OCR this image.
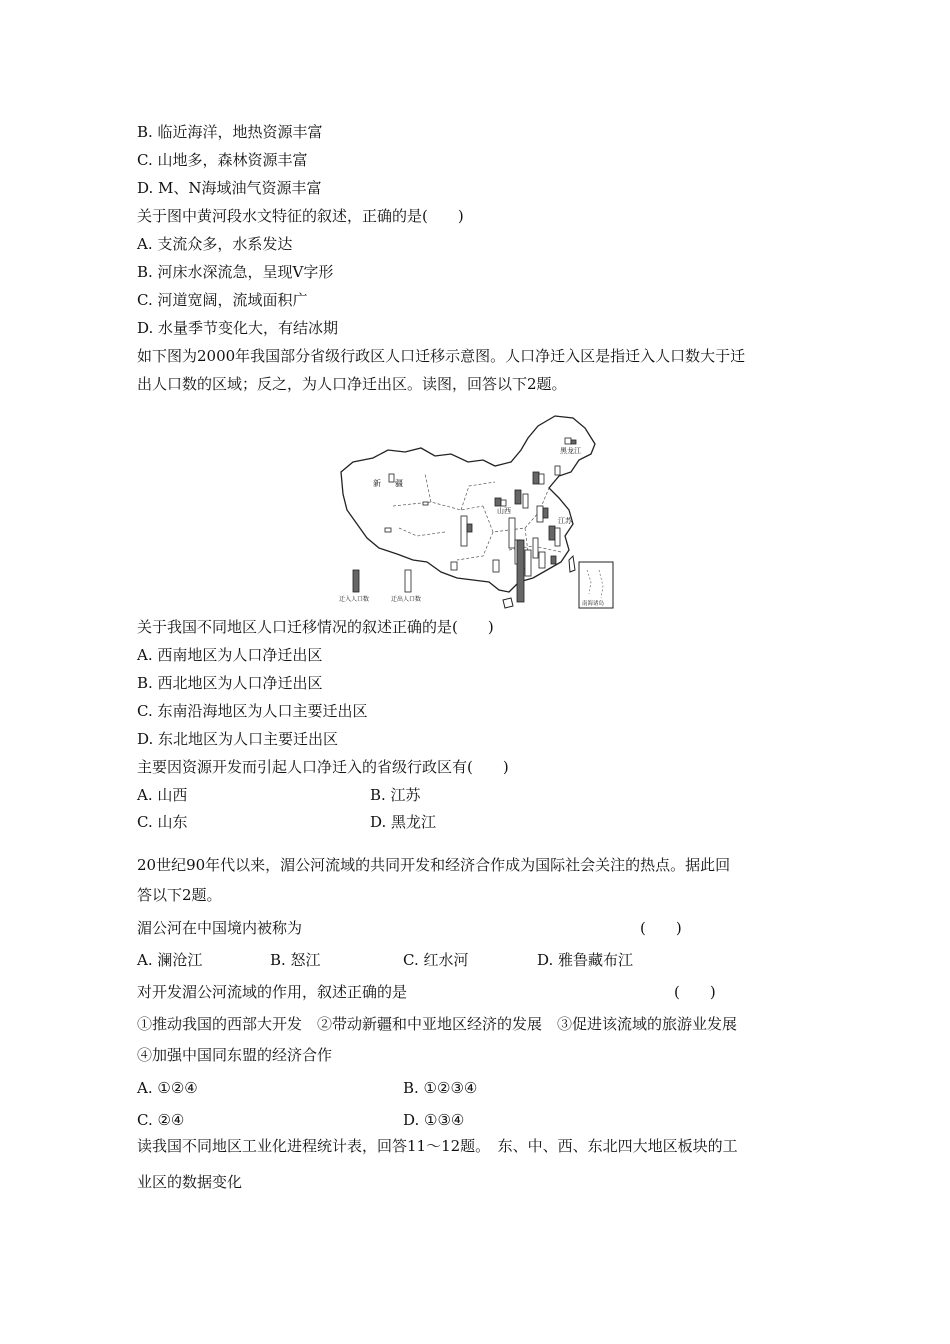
B. 临近海洋，地热资源丰富
C. 山地多，森林资源丰富
D. M、N海域油气资源丰富
关于图中黄河段水文特征的叙述，正确的是(　　)
A. 支流众多，水系发达
B. 河床水深流急，呈现V字形
C. 河道宽阔，流域面积广
D. 水量季节变化大，有结冰期
如下图为2000年我国部分省级行政区人口迁移示意图。人口净迁入区是指迁入人口数大于迁
出人口数的区域；反之，为人口净迁出区。读图，回答以下2题。
新 疆
黑龙江
山西
江苏
南海诸岛
迁入人口数	迁出人口数
关于我国不同地区人口迁移情况的叙述正确的是(　　)
A. 西南地区为人口净迁出区
B. 西北地区为人口净迁出区
C. 东南沿海地区为人口主要迁出区
D. 东北地区为人口主要迁出区
主要因资源开发而引起人口净迁入的省级行政区有(　　)
A. 山西	B. 江苏
C. 山东	D. 黑龙江
20世纪90年代以来，湄公河流域的共同开发和经济合作成为国际社会关注的热点。据此回
答以下2题。
湄公河在中国境内被称为	(　　)
A. 澜沧江	B. 怒江	C. 红水河	D. 雅鲁藏布江
对开发湄公河流域的作用，叙述正确的是	(　　)
①推动我国的西部大开发　②带动新疆和中亚地区经济的发展　③促进该流域的旅游业发展
④加强中国同东盟的经济合作
A. ①②④	B. ①②③④
C. ②④	D. ①③④
读我国不同地区工业化进程统计表，回答11～12题。　东、中、西、东北四大地区板块的工
业区的数据变化
